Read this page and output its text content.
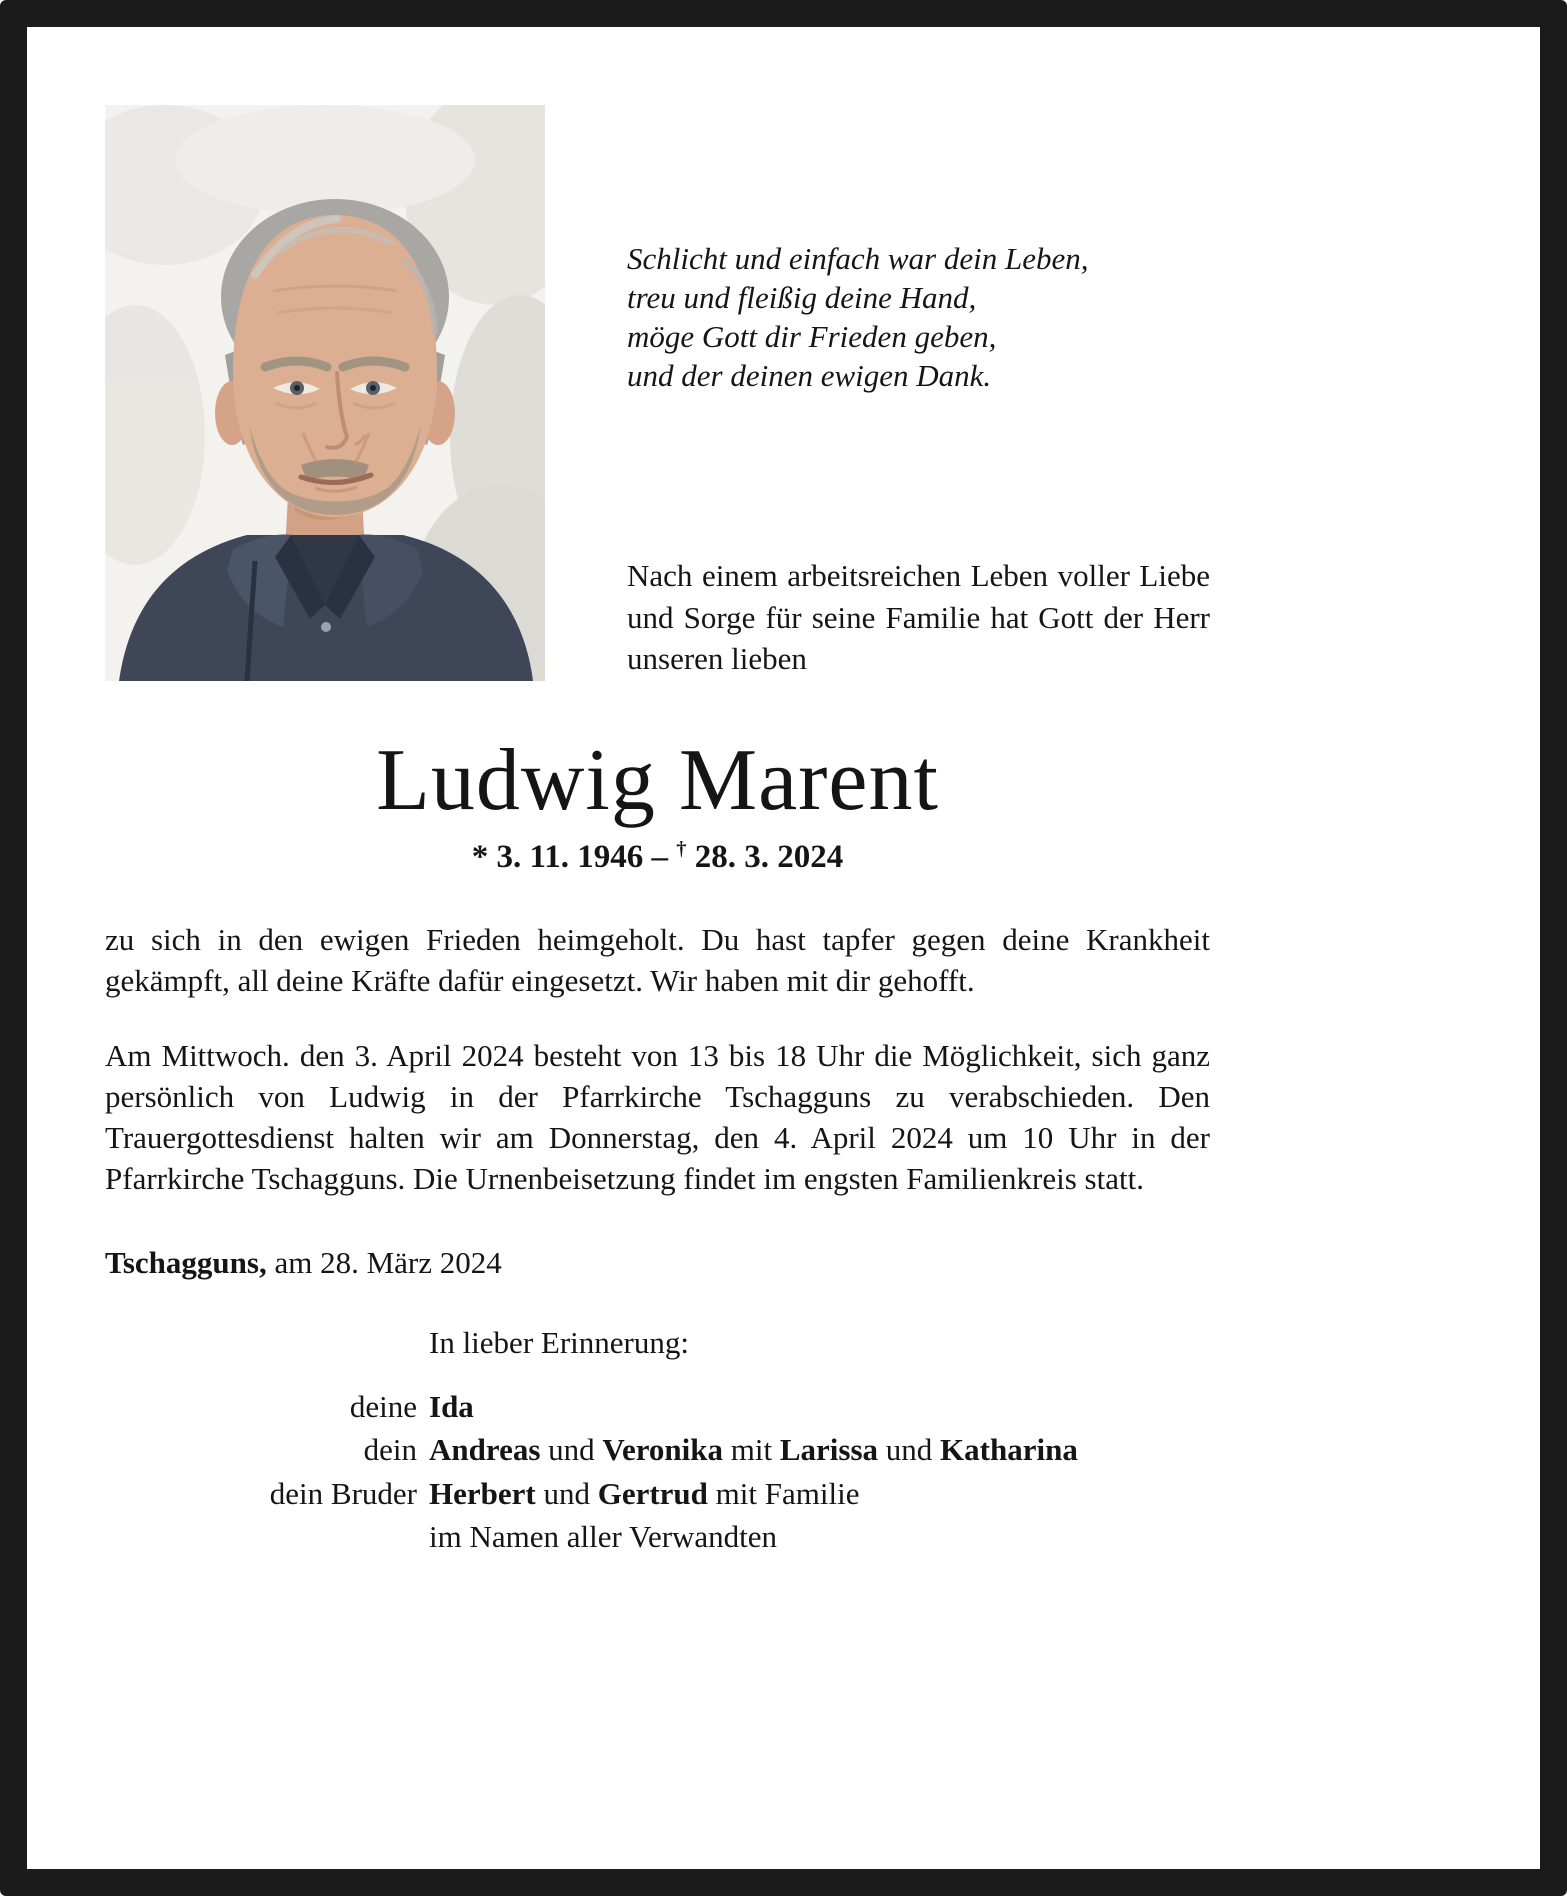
Schlicht und einfach war dein Leben,
treu und fleißig deine Hand,
möge Gott dir Frieden geben,
und der deinen ewigen Dank.
Nach einem arbeitsreichen Leben voller Liebe und Sorge für seine Familie hat Gott der Herr unseren lieben
Ludwig Marent
* 3. 11. 1946 – † 28. 3. 2024
zu sich in den ewigen Frieden heimgeholt. Du hast tapfer gegen deine Krankheit gekämpft, all deine Kräfte dafür eingesetzt. Wir haben mit dir gehofft.
Am Mittwoch. den 3. April 2024 besteht von 13 bis 18 Uhr die Möglichkeit, sich ganz persönlich von Ludwig in der Pfarrkirche Tschagguns zu verabschieden. Den Trauergottesdienst halten wir am Donnerstag, den 4. April 2024 um 10 Uhr in der Pfarrkirche Tschagguns. Die Urnenbeisetzung findet im engsten Familienkreis statt.
Tschagguns, am 28. März 2024
In lieber Erinnerung:
deine Ida
dein Andreas und Veronika mit Larissa und Katharina
dein Bruder Herbert und Gertrud mit Familie
im Namen aller Verwandten
